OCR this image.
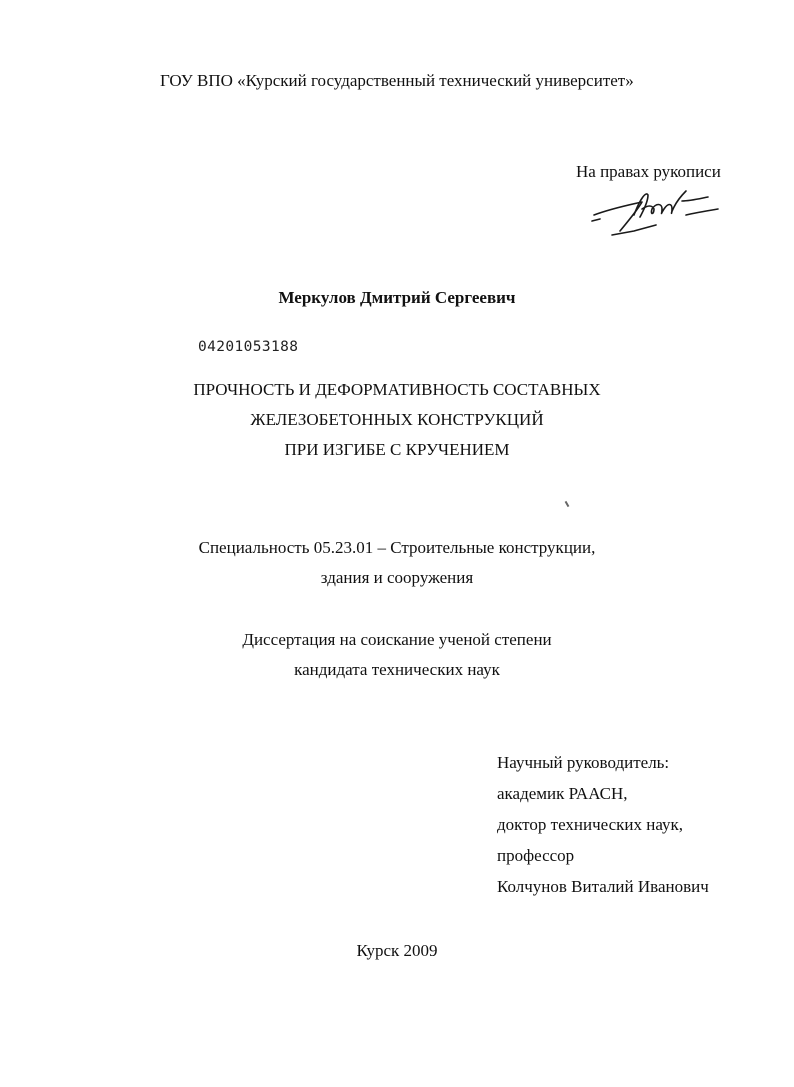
ГОУ ВПО «Курский государственный технический университет»
На правах рукописи
Меркулов Дмитрий Сергеевич
04201053188
ПРОЧНОСТЬ И ДЕФОРМАТИВНОСТЬ СОСТАВНЫХ
ЖЕЛЕЗОБЕТОННЫХ КОНСТРУКЦИЙ
ПРИ ИЗГИБЕ С КРУЧЕНИЕМ
Специальность 05.23.01 – Строительные конструкции,
здания и сооружения
Диссертация на соискание ученой степени
кандидата технических наук
Научный руководитель:
академик РААСН,
доктор технических наук,
профессор
Колчунов Виталий Иванович
Курск 2009
